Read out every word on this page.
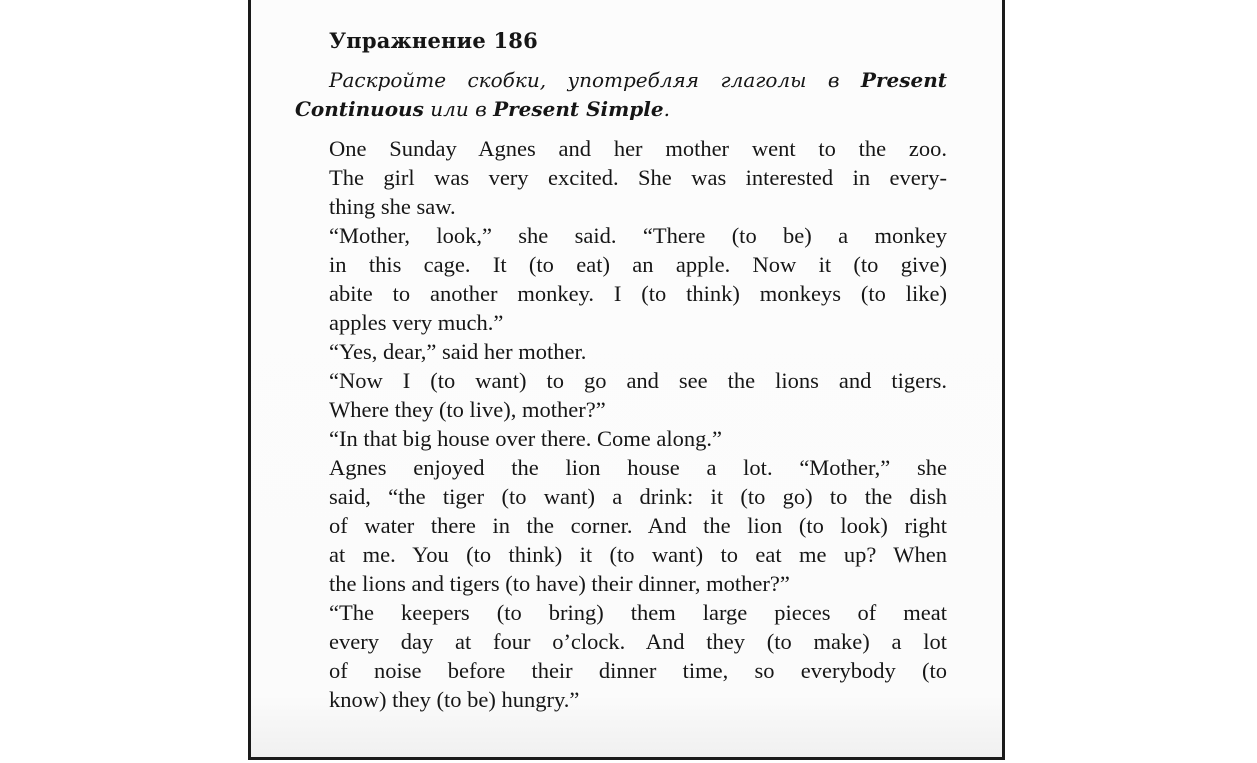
Упражнение 186
Раскройте скобки, употребляя глаголы в Present Continuous или в Present Simple.
One Sunday Agnes and her mother went to the zoo.
The girl was very excited. She was interested in every-
thing she saw.
“Mother, look,” she said. “There (to be) a monkey
in this cage. It (to eat) an apple. Now it (to give)
abite to another monkey. I (to think) monkeys (to like)
apples very much.”
“Yes, dear,” said her mother.
“Now I (to want) to go and see the lions and tigers.
Where they (to live), mother?”
“In that big house over there. Come along.”
Agnes enjoyed the lion house a lot. “Mother,” she
said, “the tiger (to want) a drink: it (to go) to the dish
of water there in the corner. And the lion (to look) right
at me. You (to think) it (to want) to eat me up? When
the lions and tigers (to have) their dinner, mother?”
“The keepers (to bring) them large pieces of meat
every day at four o’clock. And they (to make) a lot
of noise before their dinner time, so everybody (to
know) they (to be) hungry.”
